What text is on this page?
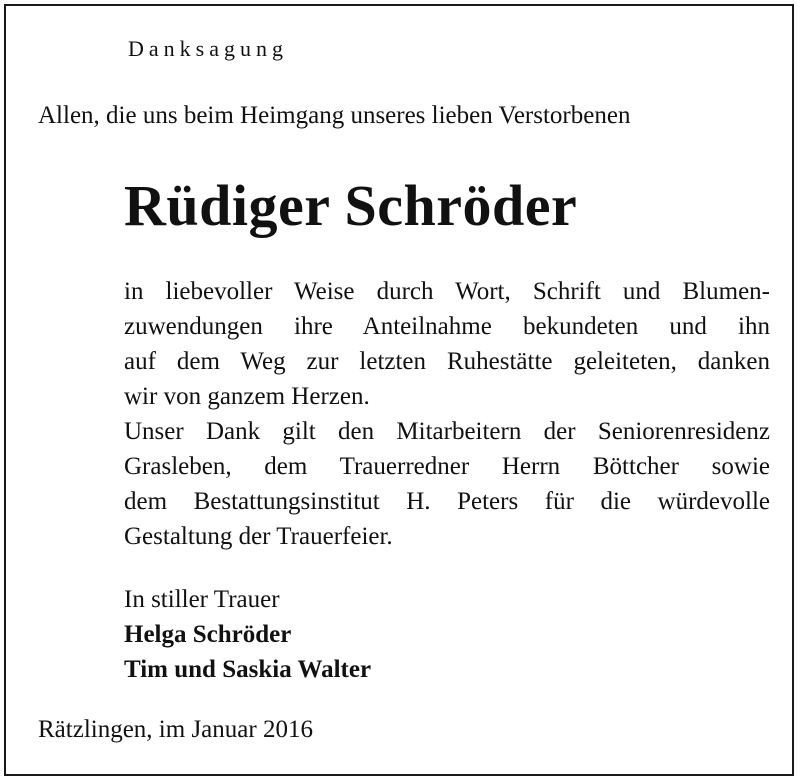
Danksagung
Allen, die uns beim Heimgang unseres lieben Verstorbenen
Rüdiger Schröder
in liebevoller Weise durch Wort, Schrift und Blumen-
zuwendungen ihre Anteilnahme bekundeten und ihn
auf dem Weg zur letzten Ruhestätte geleiteten, danken
wir von ganzem Herzen.
Unser Dank gilt den Mitarbeitern der Seniorenresidenz
Grasleben, dem Trauerredner Herrn Böttcher sowie
dem Bestattungsinstitut H. Peters für die würdevolle
Gestaltung der Trauerfeier.
In stiller Trauer
Helga Schröder
Tim und Saskia Walter
Rätzlingen, im Januar 2016
